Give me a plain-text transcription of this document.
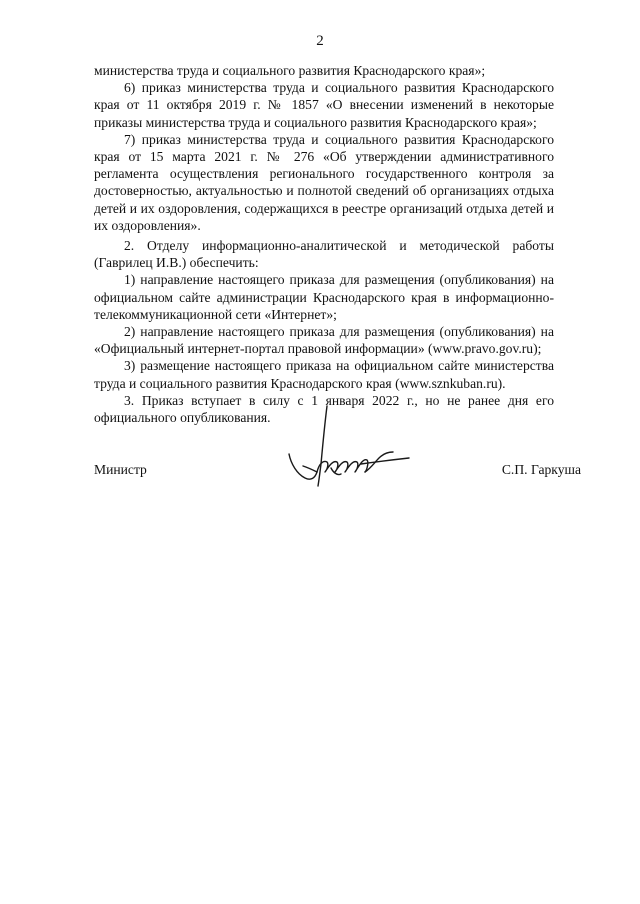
2

министерства труда и социального развития Краснодарского края»;

6) приказ министерства труда и социального развития Краснодарского края от 11 октября 2019 г. № 1857 «О внесении изменений в некоторые приказы министерства труда и социального развития Краснодарского края»;

7) приказ министерства труда и социального развития Краснодарского края от 15 марта 2021 г. № 276 «Об утверждении административного регламента осуществления регионального государственного контроля за достоверностью, актуальностью и полнотой сведений об организациях отдыха детей и их оздоровления, содержащихся в реестре организаций отдыха детей и их оздоровления».

2. Отделу информационно-аналитической и методической работы (Гаврилец И.В.) обеспечить:

1) направление настоящего приказа для размещения (опубликования) на официальном сайте администрации Краснодарского края в информационно-телекоммуникационной сети «Интернет»;

2) направление настоящего приказа для размещения (опубликования) на «Официальный интернет-портал правовой информации» (www.pravo.gov.ru);

3) размещение настоящего приказа на официальном сайте министерства труда и социального развития Краснодарского края (www.sznkuban.ru).

3. Приказ вступает в силу с 1 января 2022 г., но не ранее дня его официального опубликования.

Министр	С.П. Гаркуша
